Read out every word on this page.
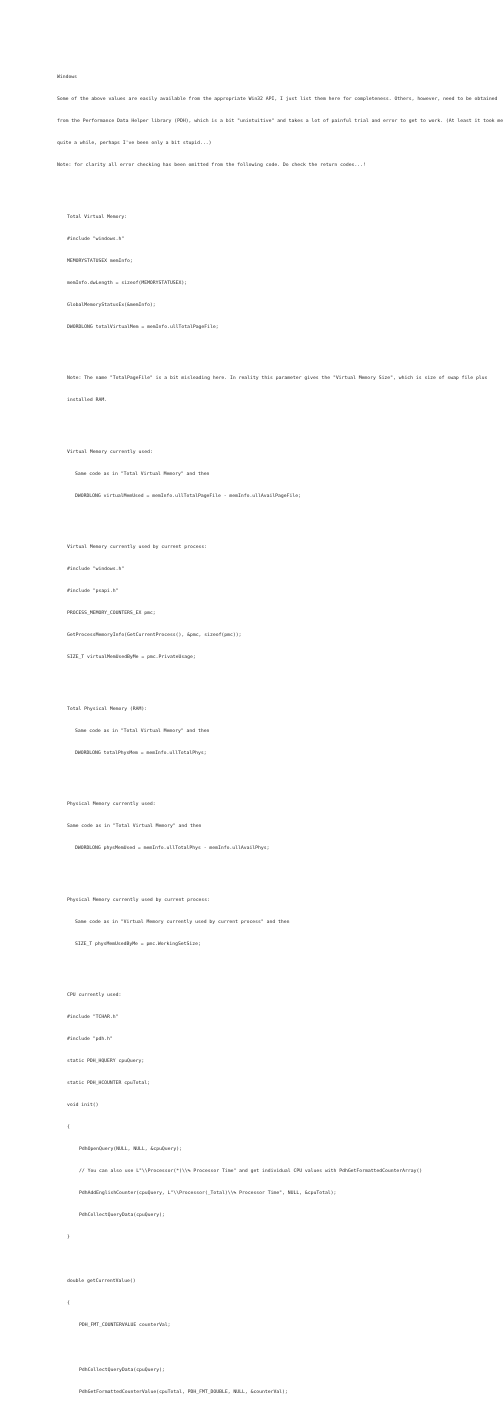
Windows

Some of the above values are easily available from the appropriate Win32 API, I just list them here for completeness. Others, however, need to be obtained

from the Performance Data Helper library (PDH), which is a bit "unintuitive" and takes a lot of painful trial and error to get to work. (At least it took me

quite a while, perhaps I've been only a bit stupid...)

Note: for clarity all error checking has been omitted from the following code. Do check the return codes...!

Total Virtual Memory:

#include "windows.h"

MEMORYSTATUSEX memInfo;

memInfo.dwLength = sizeof(MEMORYSTATUSEX);

GlobalMemoryStatusEx(&memInfo);

DWORDLONG totalVirtualMem = memInfo.ullTotalPageFile;

Note: The name "TotalPageFile" is a bit misleading here. In reality this parameter gives the "Virtual Memory Size", which is size of swap file plus

installed RAM.

Virtual Memory currently used:

Same code as in "Total Virtual Memory" and then

DWORDLONG virtualMemUsed = memInfo.ullTotalPageFile - memInfo.ullAvailPageFile;

Virtual Memory currently used by current process:

#include "windows.h"

#include "psapi.h"

PROCESS_MEMORY_COUNTERS_EX pmc;

GetProcessMemoryInfo(GetCurrentProcess(), &pmc, sizeof(pmc));

SIZE_T virtualMemUsedByMe = pmc.PrivateUsage;

Total Physical Memory (RAM):

Same code as in "Total Virtual Memory" and then

DWORDLONG totalPhysMem = memInfo.ullTotalPhys;

Physical Memory currently used:

Same code as in "Total Virtual Memory" and then

DWORDLONG physMemUsed = memInfo.ullTotalPhys - memInfo.ullAvailPhys;

Physical Memory currently used by current process:

Same code as in "Virtual Memory currently used by current process" and then

SIZE_T physMemUsedByMe = pmc.WorkingSetSize;

CPU currently used:

#include "TCHAR.h"

#include "pdh.h"

static PDH_HQUERY cpuQuery;

static PDH_HCOUNTER cpuTotal;

void init()

{

PdhOpenQuery(NULL, NULL, &cpuQuery);

// You can also use L"\\Processor(*)\\% Processor Time" and get individual CPU values with PdhGetFormattedCounterArray()

PdhAddEnglishCounter(cpuQuery, L"\\Processor(_Total)\\% Processor Time", NULL, &cpuTotal);

PdhCollectQueryData(cpuQuery);

}

double getCurrentValue()

{

PDH_FMT_COUNTERVALUE counterVal;

PdhCollectQueryData(cpuQuery);

PdhGetFormattedCounterValue(cpuTotal, PDH_FMT_DOUBLE, NULL, &counterVal);
